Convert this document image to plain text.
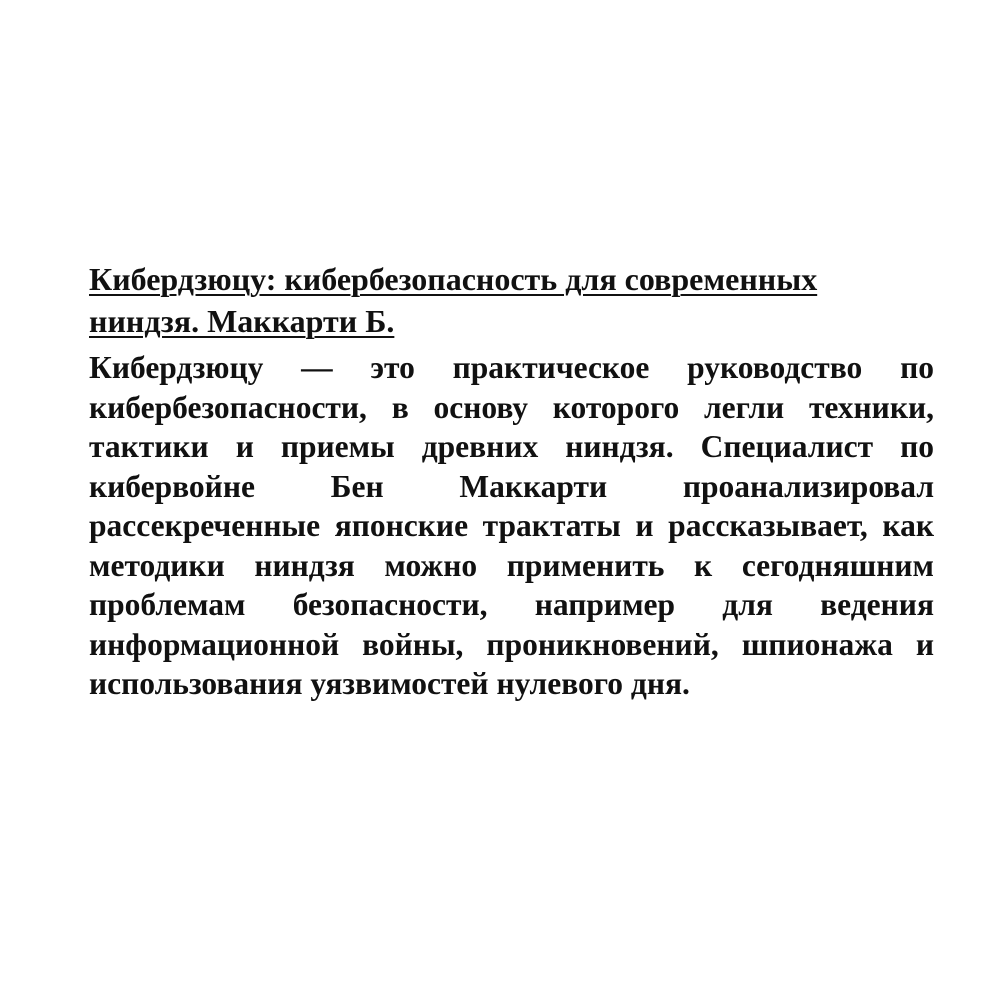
Кибердзюцу: кибербезопасность для современных ниндзя. Маккарти Б.

Кибердзюцу — это практическое руководство по кибербезопасности, в основу которого легли техники, тактики и приемы древних ниндзя. Специалист по кибервойне Бен Маккарти проанализировал рассекреченные японские трактаты и рассказывает, как методики ниндзя можно применить к сегодняшним проблемам безопасности, например для ведения информационной войны, проникновений, шпионажа и использования уязвимостей нулевого дня.
